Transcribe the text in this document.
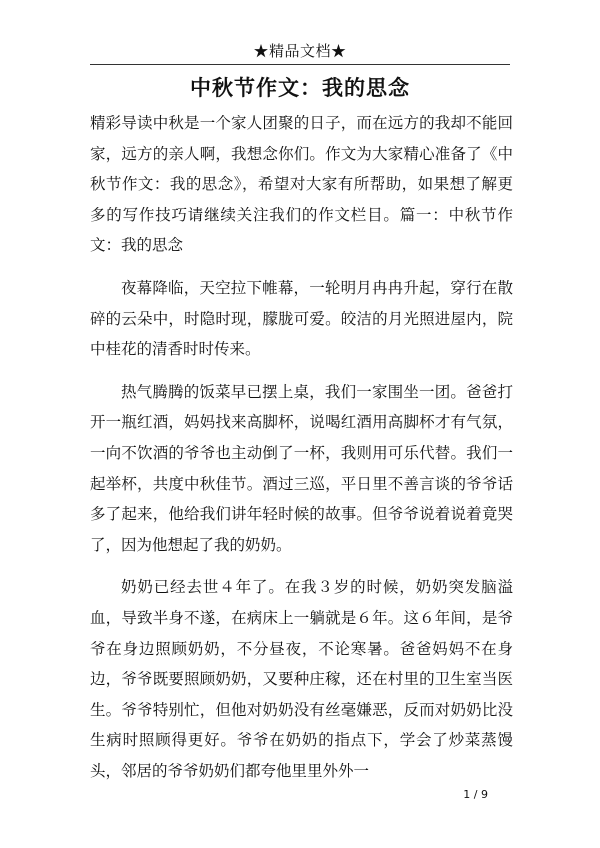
★精品文档★
中秋节作文：我的思念

精彩导读中秋是一个家人团聚的日子，而在远方的我却不能回家，远方的亲人啊，我想念你们。作文为大家精心准备了《中秋节作文：我的思念》，希望对大家有所帮助，如果想了解更多的写作技巧请继续关注我们的作文栏目。篇一：中秋节作文：我的思念

夜幕降临，天空拉下帷幕，一轮明月冉冉升起，穿行在散碎的云朵中，时隐时现，朦胧可爱。皎洁的月光照进屋内，院中桂花的清香时时传来。

热气腾腾的饭菜早已摆上桌，我们一家围坐一团。爸爸打开一瓶红酒，妈妈找来高脚杯，说喝红酒用高脚杯才有气氛，一向不饮酒的爷爷也主动倒了一杯，我则用可乐代替。我们一起举杯，共度中秋佳节。酒过三巡，平日里不善言谈的爷爷话多了起来，他给我们讲年轻时候的故事。但爷爷说着说着竟哭了，因为他想起了我的奶奶。

奶奶已经去世４年了。在我３岁的时候，奶奶突发脑溢血，导致半身不遂，在病床上一躺就是６年。这６年间，是爷爷在身边照顾奶奶，不分昼夜，不论寒暑。爸爸妈妈不在身边，爷爷既要照顾奶奶，又要种庄稼，还在村里的卫生室当医生。爷爷特别忙，但他对奶奶没有丝毫嫌恶，反而对奶奶比没生病时照顾得更好。爷爷在奶奶的指点下，学会了炒菜蒸馒头，邻居的爷爷奶奶们都夸他里里外外一

1 / 9
